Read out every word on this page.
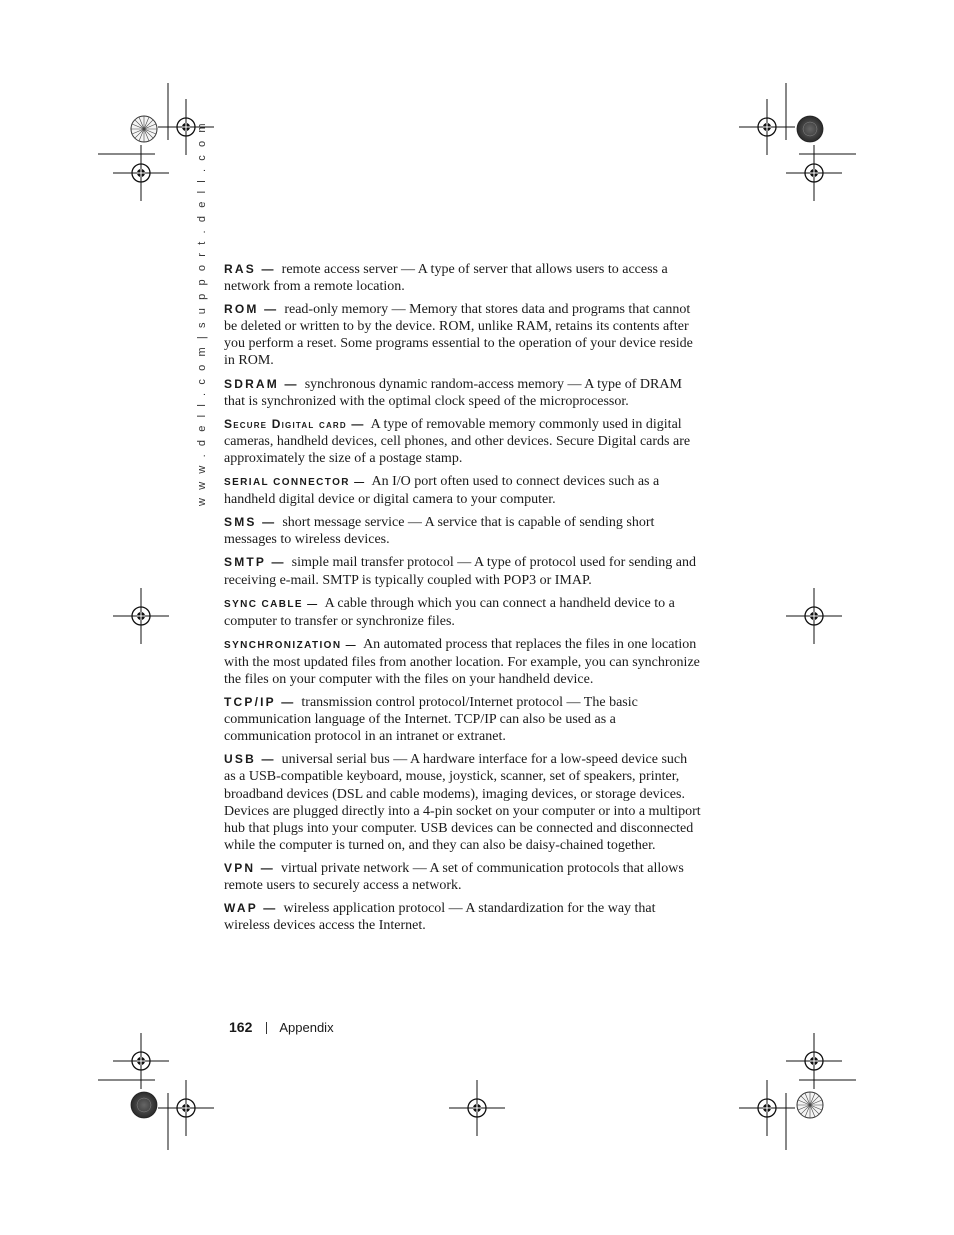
w w w . d e l l . c o m | s u p p o r t . d e l l . c o m	RAS — remote access server — A type of server that allows users to access a network from a remote location.

ROM — read-only memory — Memory that stores data and programs that cannot be deleted or written to by the device. ROM, unlike RAM, retains its contents after you perform a reset. Some programs essential to the operation of your device reside in ROM.

SDRAM — synchronous dynamic random-access memory — A type of DRAM that is synchronized with the optimal clock speed of the microprocessor.

Secure Digital card — A type of removable memory commonly used in digital cameras, handheld devices, cell phones, and other devices. Secure Digital cards are approximately the size of a postage stamp.

SERIAL CONNECTOR — An I/O port often used to connect devices such as a handheld digital device or digital camera to your computer.

SMS — short message service — A service that is capable of sending short messages to wireless devices.

SMTP — simple mail transfer protocol — A type of protocol used for sending and receiving e-mail. SMTP is typically coupled with POP3 or IMAP.

SYNC CABLE — A cable through which you can connect a handheld device to a computer to transfer or synchronize files.

SYNCHRONIZATION — An automated process that replaces the files in one location with the most updated files from another location. For example, you can synchronize the files on your computer with the files on your handheld device.

TCP/IP — transmission control protocol/Internet protocol — The basic communication language of the Internet. TCP/IP can also be used as a communication protocol in an intranet or extranet.

USB — universal serial bus — A hardware interface for a low-speed device such as a USB-compatible keyboard, mouse, joystick, scanner, set of speakers, printer, broadband devices (DSL and cable modems), imaging devices, or storage devices. Devices are plugged directly into a 4-pin socket on your computer or into a multiport hub that plugs into your computer. USB devices can be connected and disconnected while the computer is turned on, and they can also be daisy-chained together.

VPN — virtual private network — A set of communication protocols that allows remote users to securely access a network.

WAP — wireless application protocol — A standardization for the way that wireless devices access the Internet.

162 Appendix
